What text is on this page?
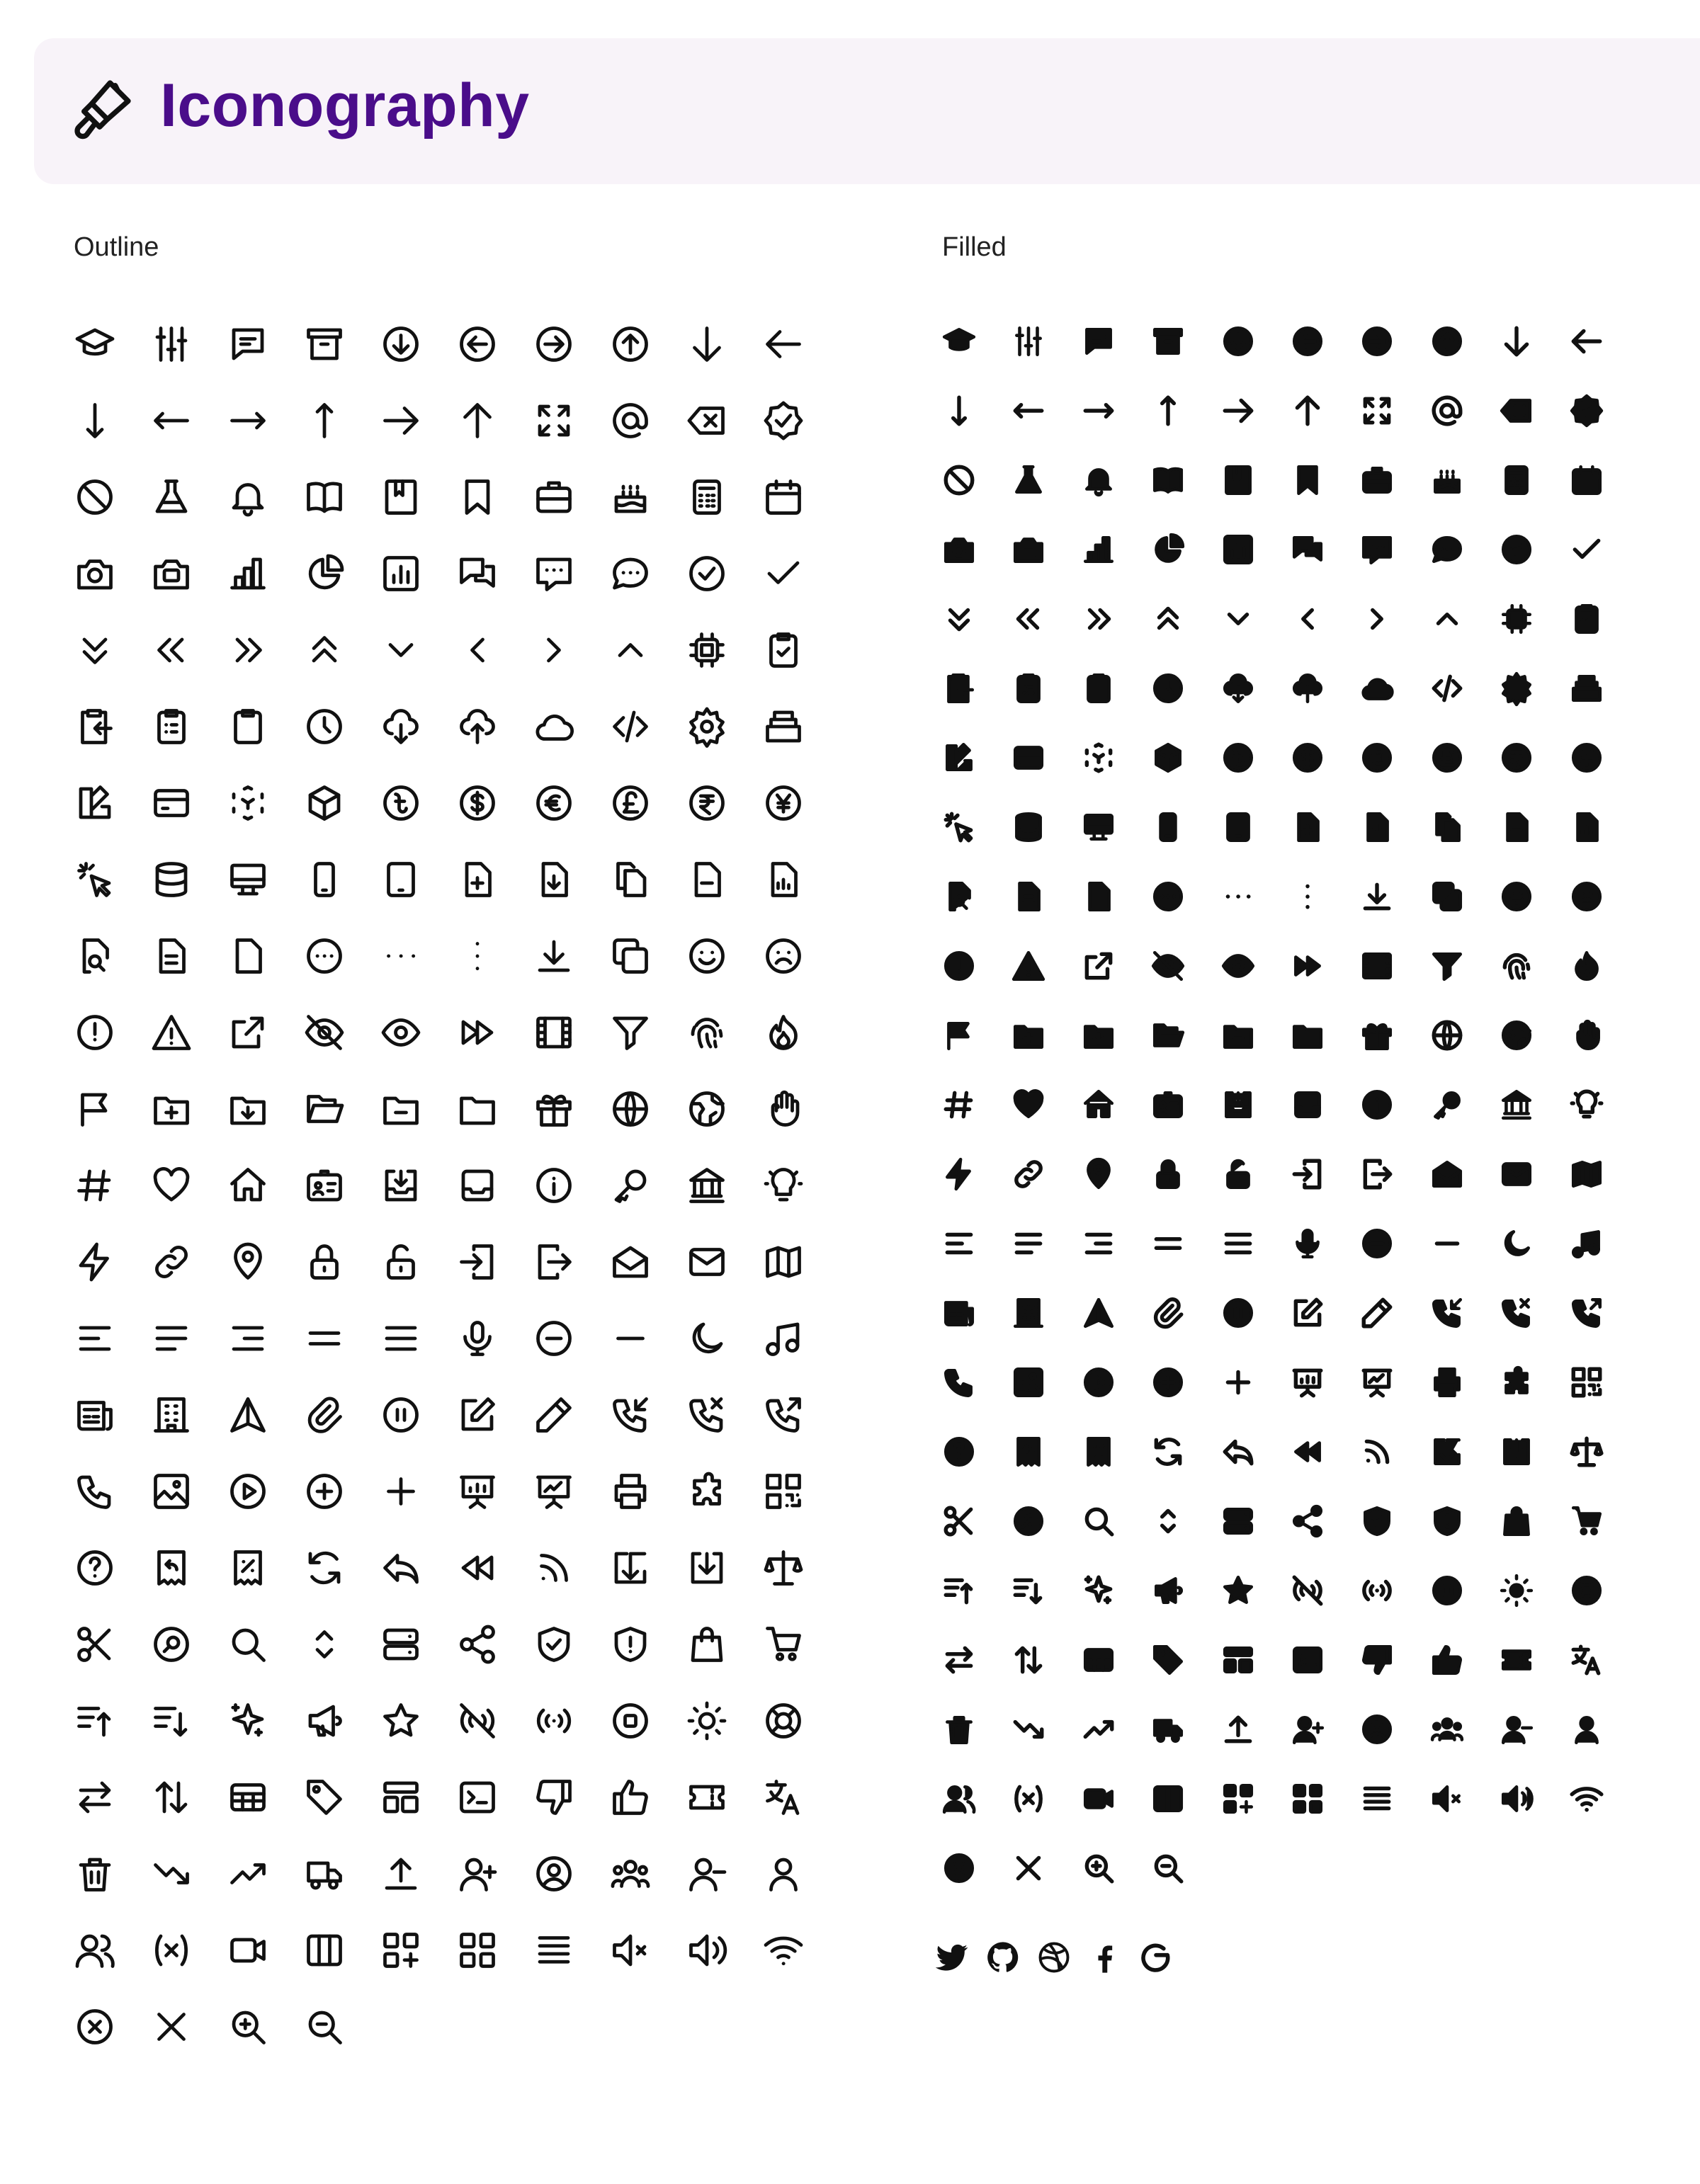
Iconography
Outline	Filled
